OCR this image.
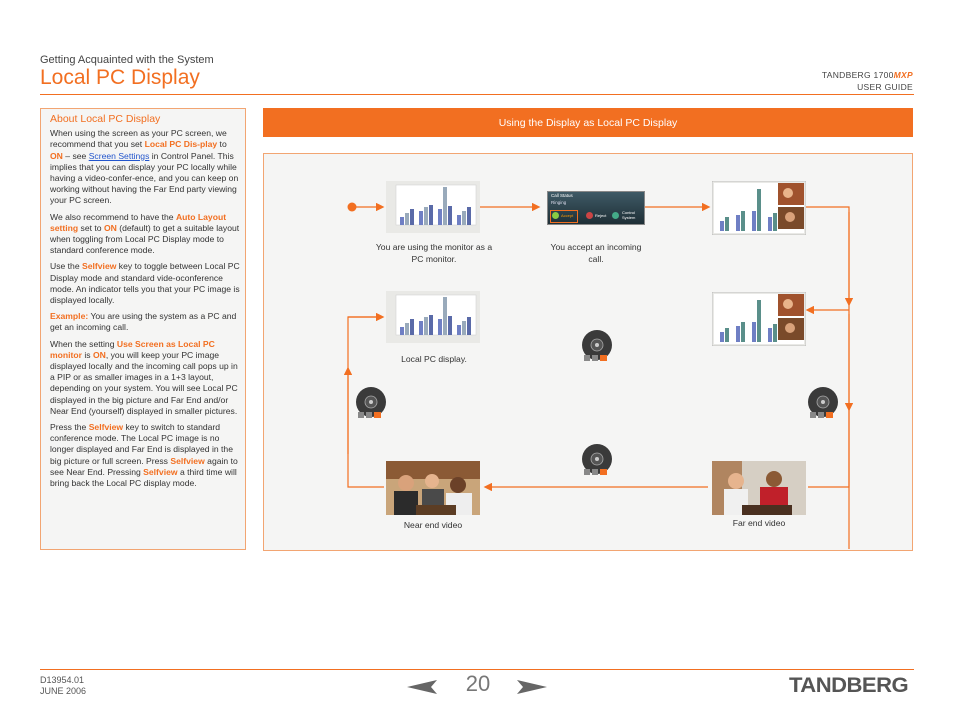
Getting Acquainted with the System
Local PC Display	TANDBERG 1700MXP
USER GUIDE
About Local PC Display

When using the screen as your PC screen, we recommend that you set Local PC Dis-play to ON – see Screen Settings in Control Panel. This implies that you can display your PC locally while having a video-confer-ence, and you can keep on working without having the Far End party viewing your PC screen.

We also recommend to have the Auto Layout setting set to ON (default) to get a suitable layout when toggling from Local PC Display mode to standard conference mode.

Use the Selfview key to toggle between Local PC Display mode and standard vide-oconference mode. An indicator tells you that your PC image is displayed locally.

Example: You are using the system as a PC and get an incoming call.

When the setting Use Screen as Local PC monitor is ON, you will keep your PC image displayed locally and the incoming call pops up in a PIP or as smaller images in a 1+3 layout, depending on your system. You will see Local PC displayed in the big picture and Far End and/or Near End (yourself) displayed in smaller pictures.

Press the Selfview key to switch to standard conference mode. The Local PC image is no longer displayed and Far End is displayed in the big picture or full screen. Press Selfview again to see Near End. Pressing Selfview a third time will bring back the Local PC display mode.

Using the Display as Local PC Display
You are using the monitor as a PC monitor.
Call Status
Ringing
Accept	Reject
Control System
You accept an incoming call.
Local PC display.
Near end video	Far end video
D13954.01
JUNE 2006	20	TANDBERG
